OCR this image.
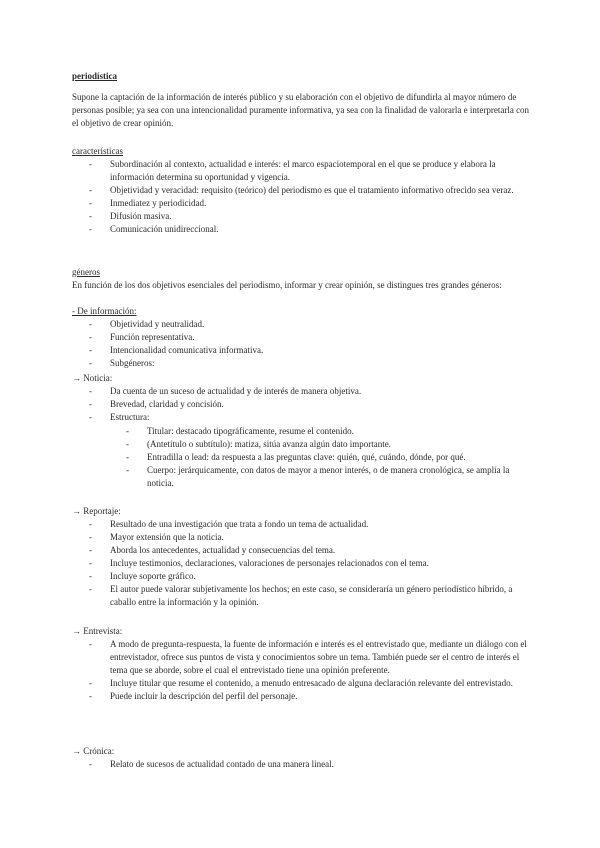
periodística
Supone la captación de la información de interés público y su elaboración con el objetivo de difundirla al mayor número de personas posible; ya sea con una intencionalidad puramente informativa, ya sea con la finalidad de valorarla e interpretarla con el objetivo de crear opinión.
características
- Subordinación al contexto, actualidad e interés: el marco espaciotemporal en el que se produce y elabora la información determina su oportunidad y vigencia.
- Objetividad y veracidad: requisito (teórico) del periodismo es que el tratamiento informativo ofrecido sea veraz.
- Inmediatez y periodicidad.
- Difusión masiva.
- Comunicación unidireccional.
géneros
En función de los dos objetivos esenciales del periodismo, informar y crear opinión, se distingues tres grandes géneros:
- De información:
- Objetividad y neutralidad.
- Función representativa.
- Intencionalidad comunicativa informativa.
- Subgéneros:
→ Noticia:
- Da cuenta de un suceso de actualidad y de interés de manera objetiva.
- Brevedad, claridad y concisión.
- Estructura:
- Titular: destacado tipográficamente, resume el contenido.
- (Antetítulo o subtítulo): matiza, sitúa avanza algún dato importante.
- Entradilla o lead: da respuesta a las preguntas clave: quién, qué, cuándo, dónde, por qué.
- Cuerpo: jerárquicamente, con datos de mayor a menor interés, o de manera cronológica, se amplía la noticia.
→ Reportaje:
- Resultado de una investigación que trata a fondo un tema de actualidad.
- Mayor extensión que la noticia.
- Aborda los antecedentes, actualidad y consecuencias del tema.
- Incluye testimonios, declaraciones, valoraciones de personajes relacionados con el tema.
- Incluye soporte gráfico.
- El autor puede valorar subjetivamente los hechos; en este caso, se consideraría un género periodístico híbrido, a caballo entre la información y la opinión.
→ Entrevista:
- A modo de pregunta-respuesta, la fuente de información e interés es el entrevistado que, mediante un diálogo con el entrevistador, ofrece sus puntos de vista y conocimientos sobre un tema. También puede ser el centro de interés el tema que se aborde, sobre el cual el entrevistado tiene una opinión preferente.
- Incluye titular que resume el contenido, a menudo entresacado de alguna declaración relevante del entrevistado.
- Puede incluir la descripción del perfil del personaje.
→ Crónica:
- Relato de sucesos de actualidad contado de una manera lineal.
